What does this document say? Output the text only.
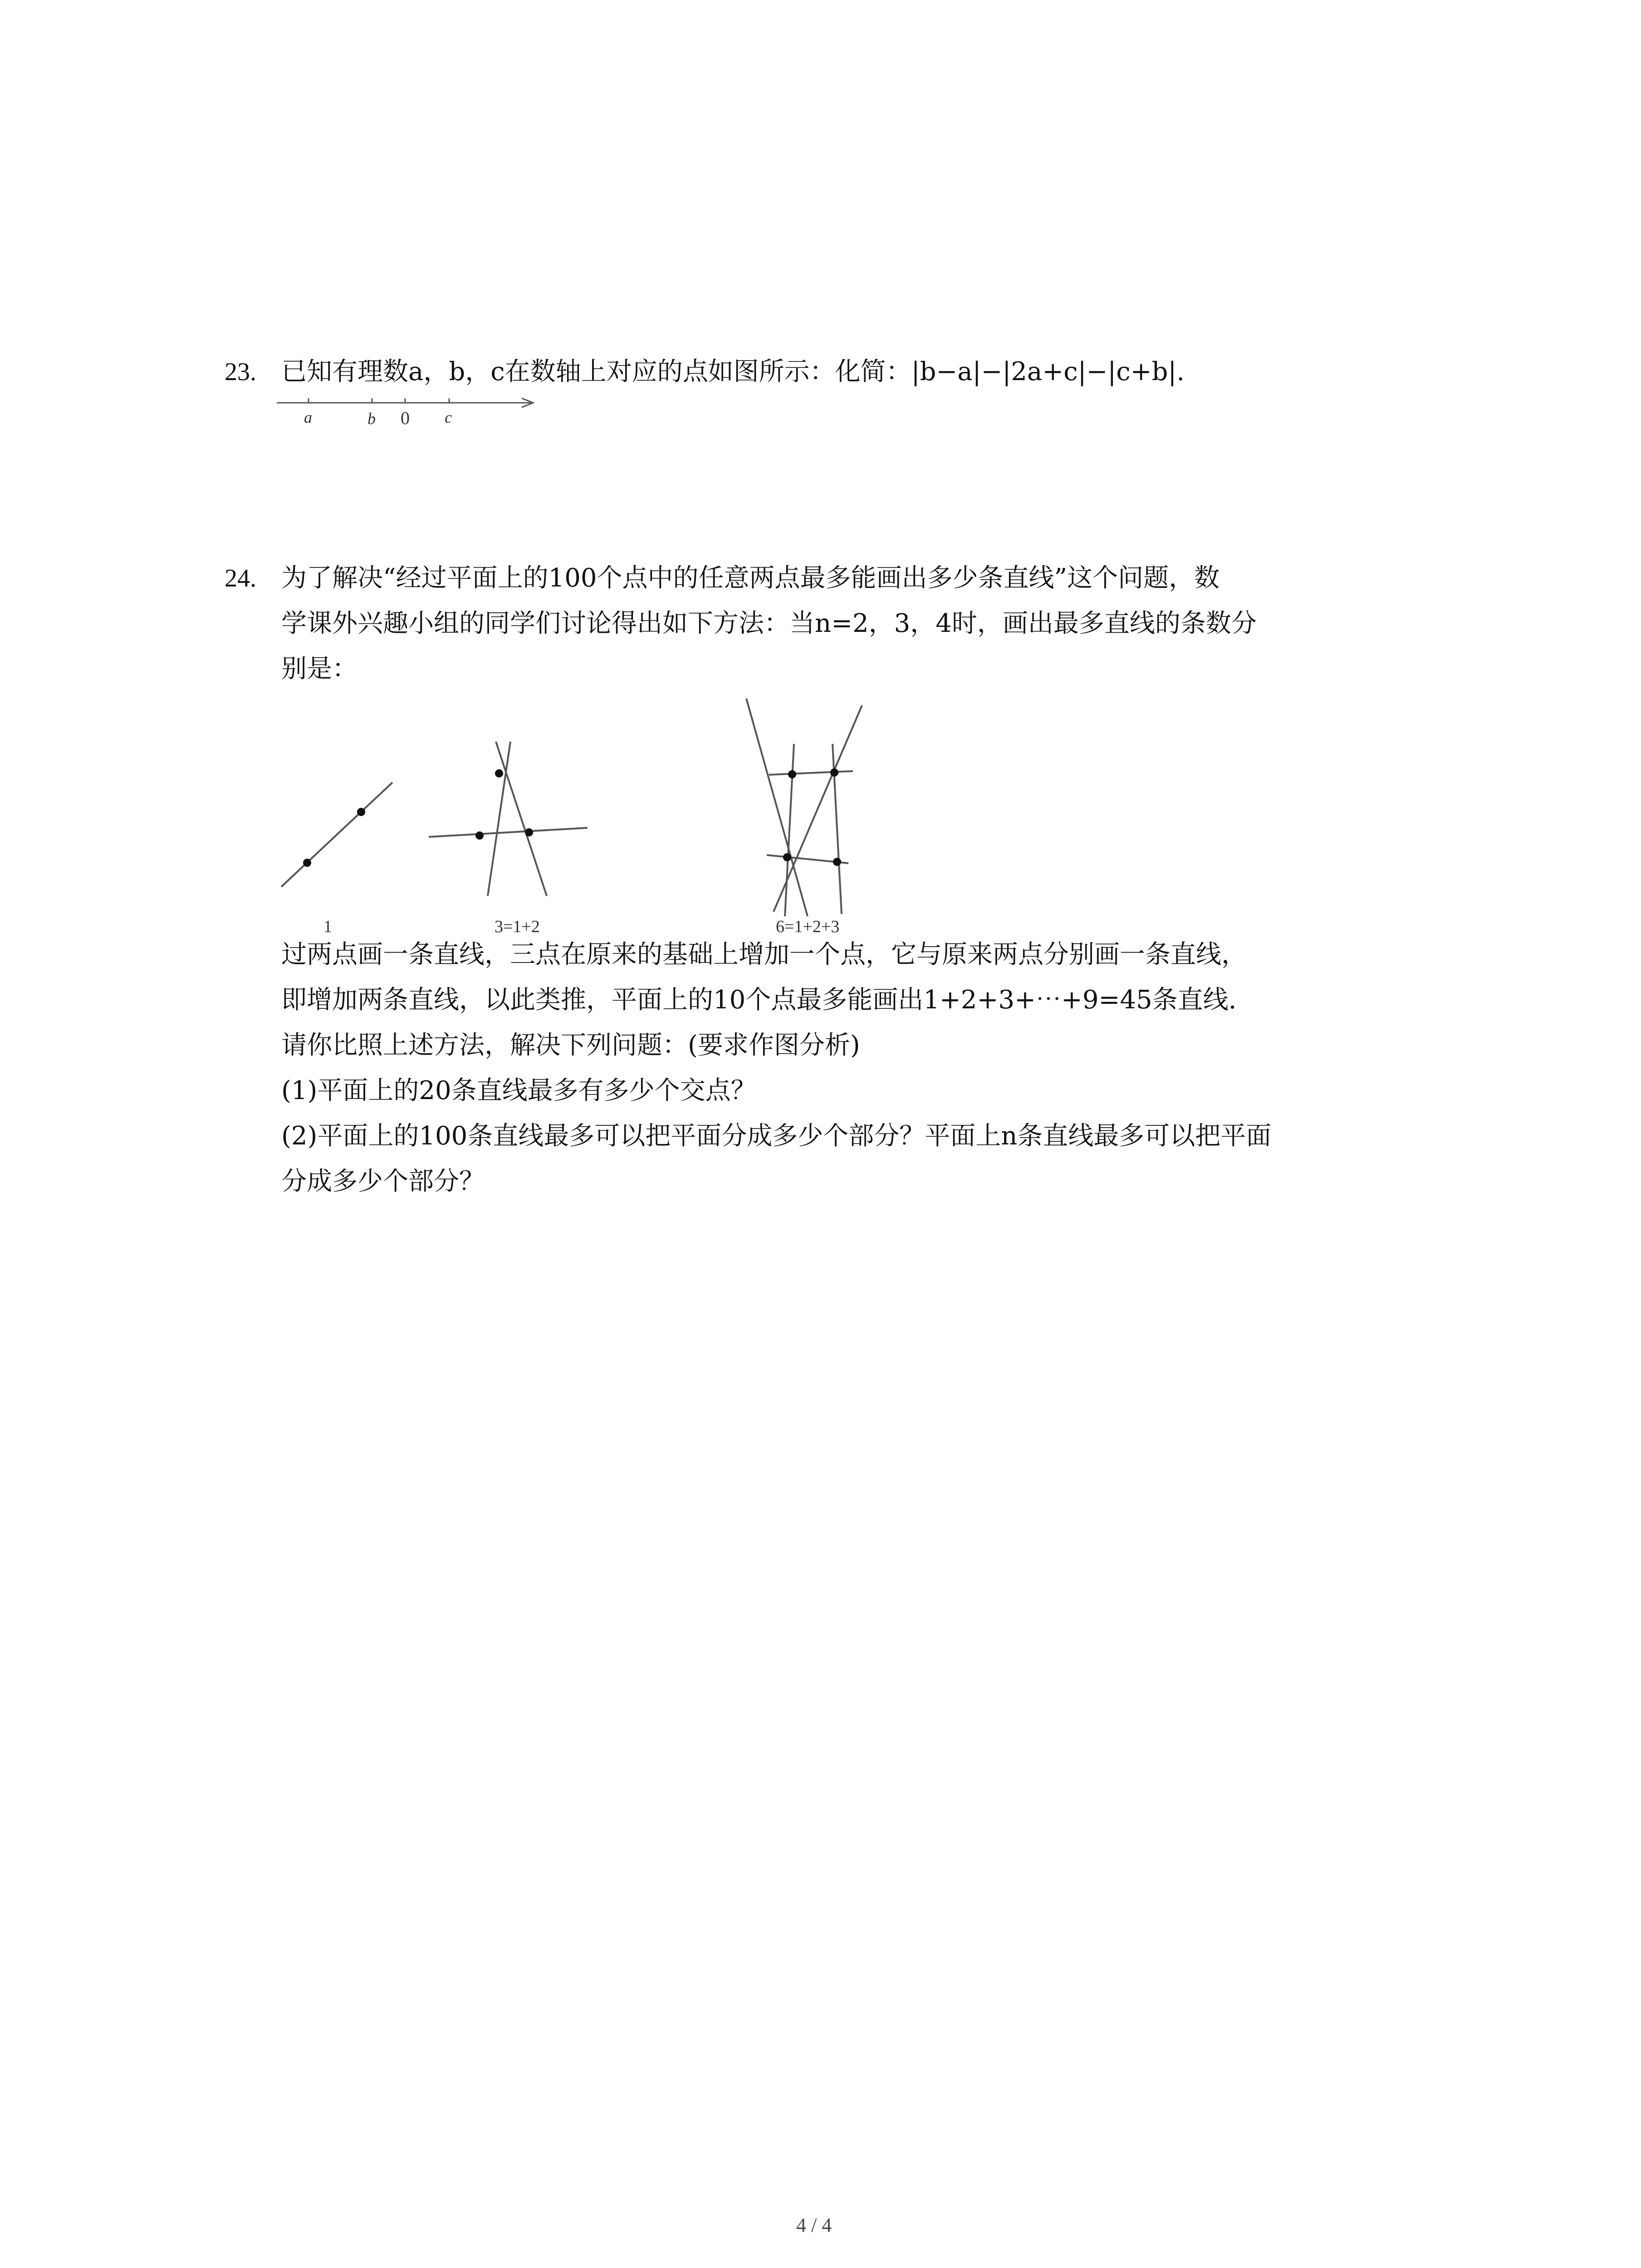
23. 已知有理数a，b，c在数轴上对应的点如图所示：化简：|b−a|−|2a+c|−|c+b|.
a	b 0 c
24. 为了解决“经过平面上的100个点中的任意两点最多能画出多少条直线”这个问题，数
学课外兴趣小组的同学们讨论得出如下方法：当n=2，3，4时，画出最多直线的条数分
别是：
1	3=1+2	6=1+2+3
过两点画一条直线，三点在原来的基础上增加一个点，它与原来两点分别画一条直线，
即增加两条直线，以此类推，平面上的10个点最多能画出1+2+3+⋯+9=45条直线.
请你比照上述方法，解决下列问题：(要求作图分析)
(1)平面上的20条直线最多有多少个交点？
(2)平面上的100条直线最多可以把平面分成多少个部分？平面上n条直线最多可以把平面
分成多少个部分？
4 / 4
